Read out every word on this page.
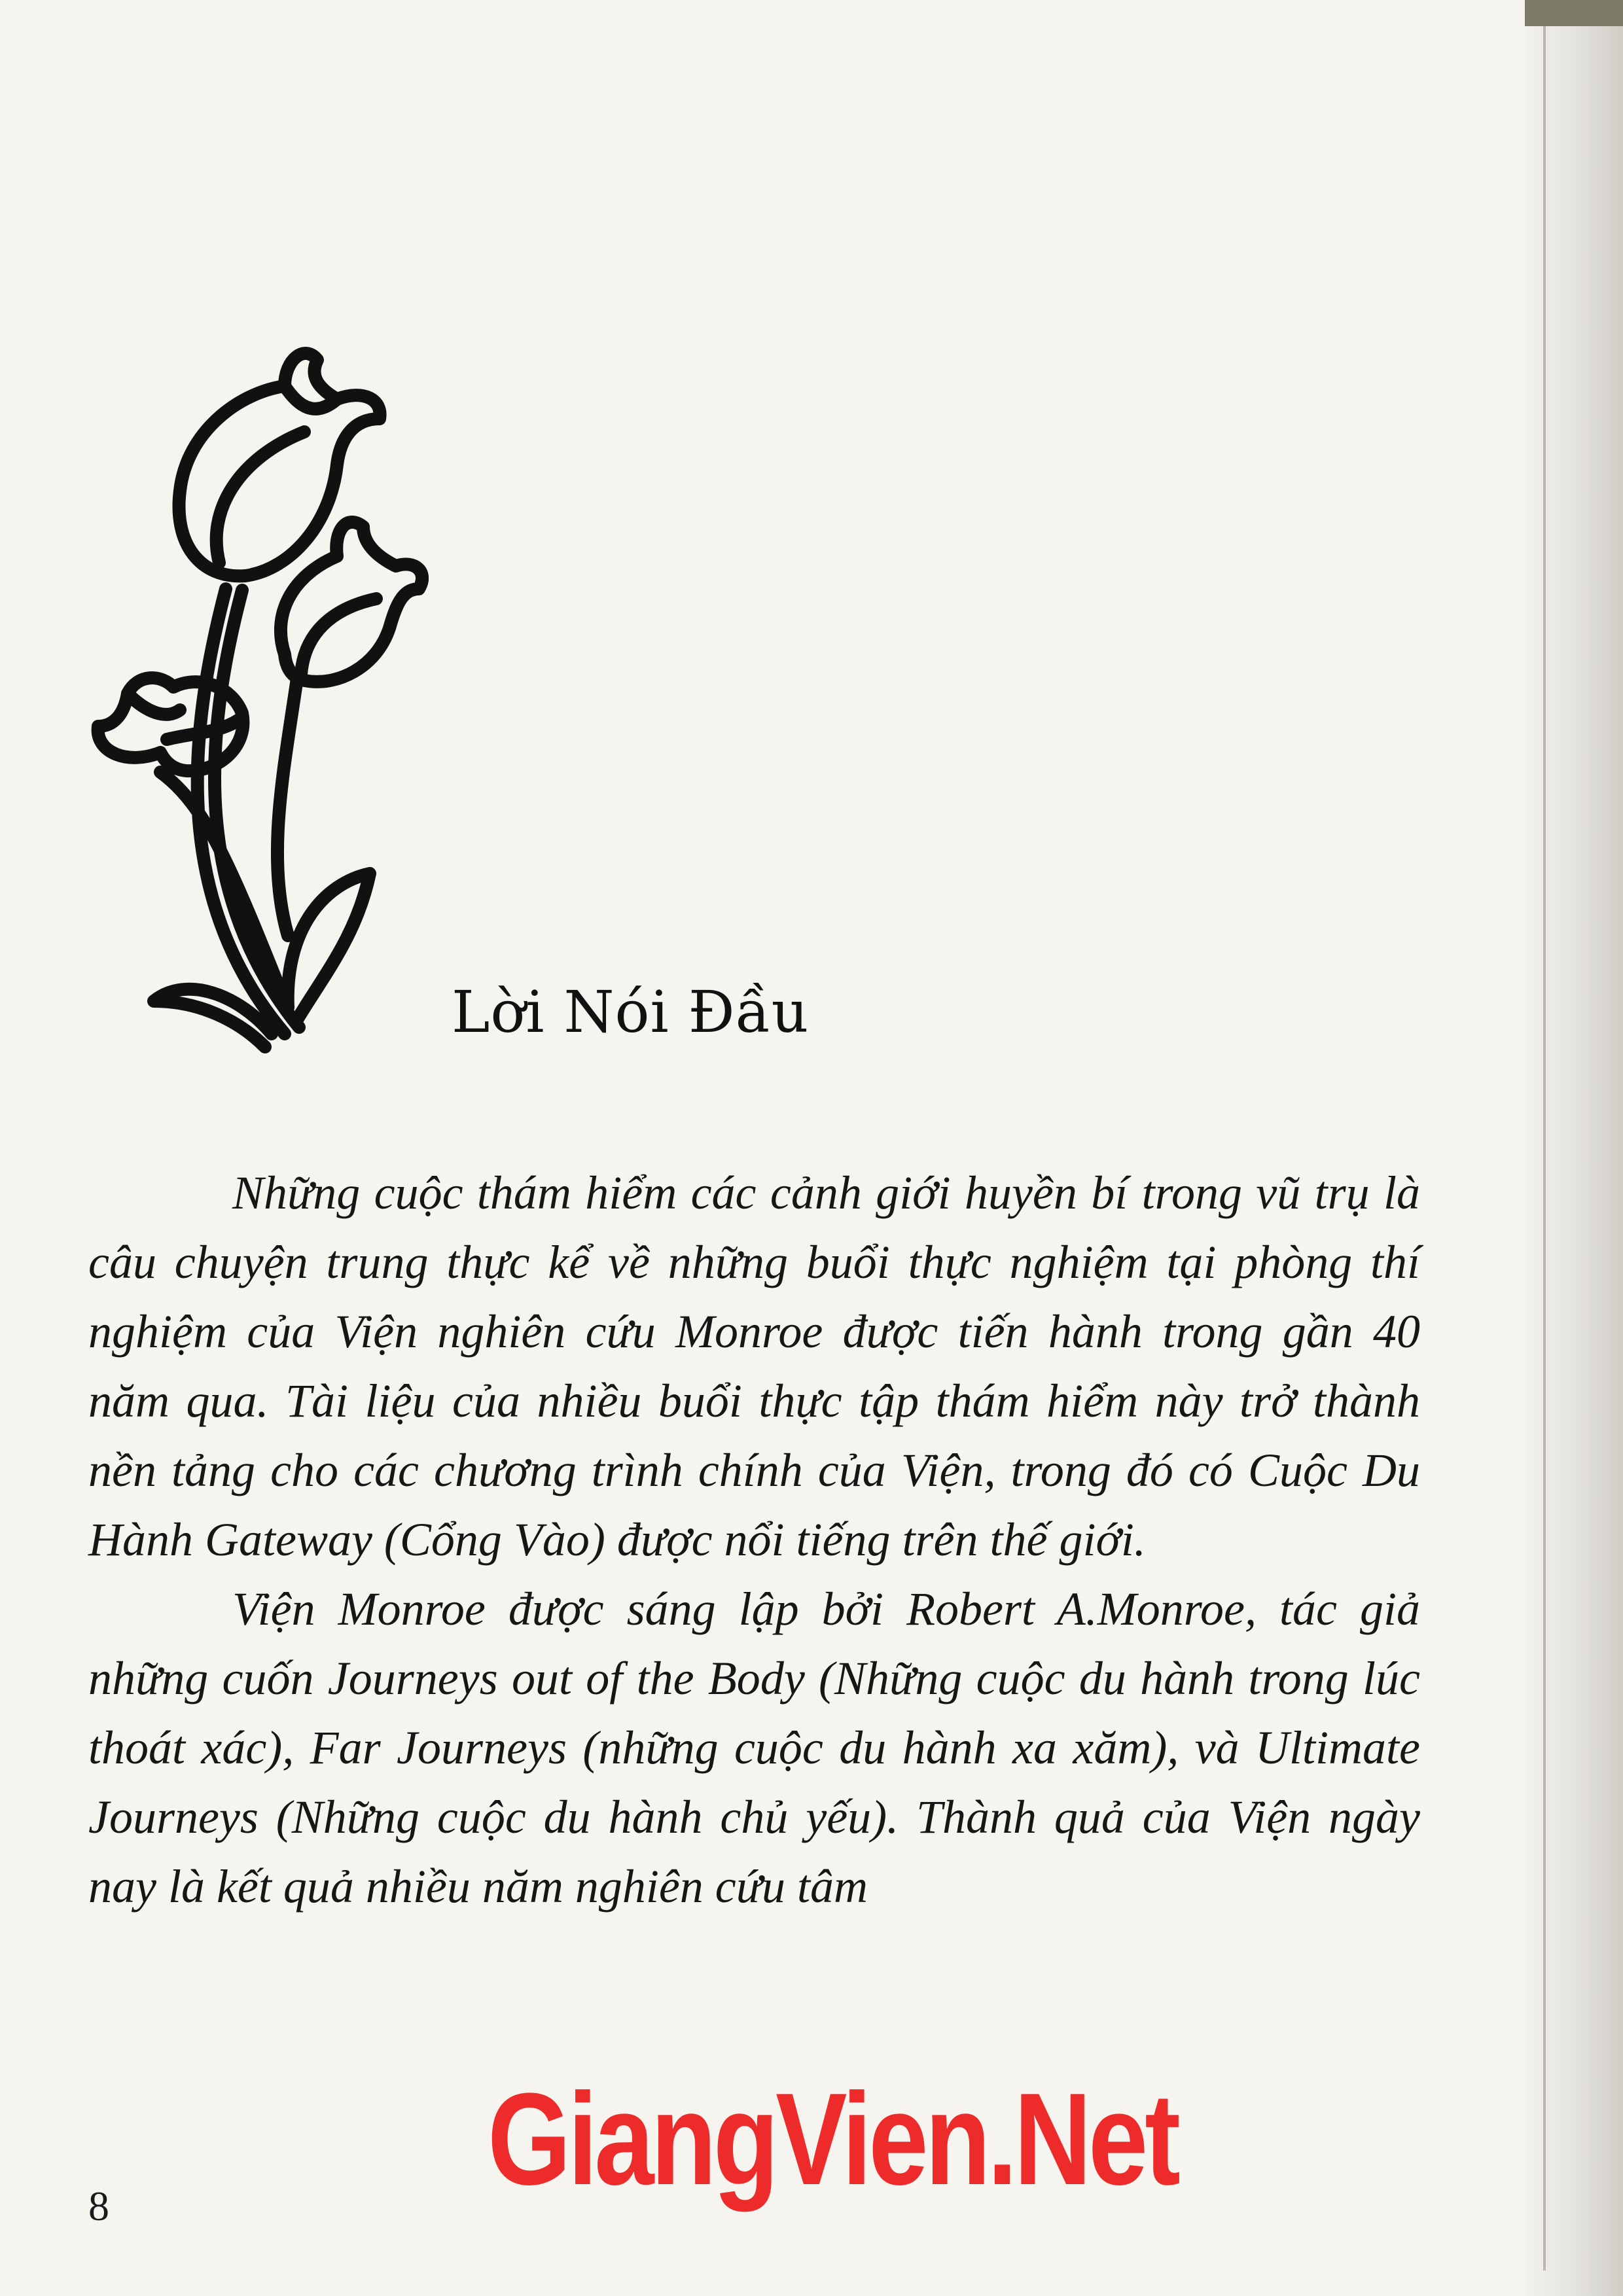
Lời Nói Đầu

Những cuộc thám hiểm các cảnh giới huyền bí trong vũ trụ là câu chuyện trung thực kể về những buổi thực nghiệm tại phòng thí nghiệm của Viện nghiên cứu Monroe được tiến hành trong gần 40 năm qua. Tài liệu của nhiều buổi thực tập thám hiểm này trở thành nền tảng cho các chương trình chính của Viện, trong đó có Cuộc Du Hành Gateway (Cổng Vào) được nổi tiếng trên thế giới.

Viện Monroe được sáng lập bởi Robert A.Monroe, tác giả những cuốn Journeys out of the Body (Những cuộc du hành trong lúc thoát xác), Far Journeys (những cuộc du hành xa xăm), và Ultimate Journeys (Những cuộc du hành chủ yếu). Thành quả của Viện ngày nay là kết quả nhiều năm nghiên cứu tâm

8	GiangVien.Net
